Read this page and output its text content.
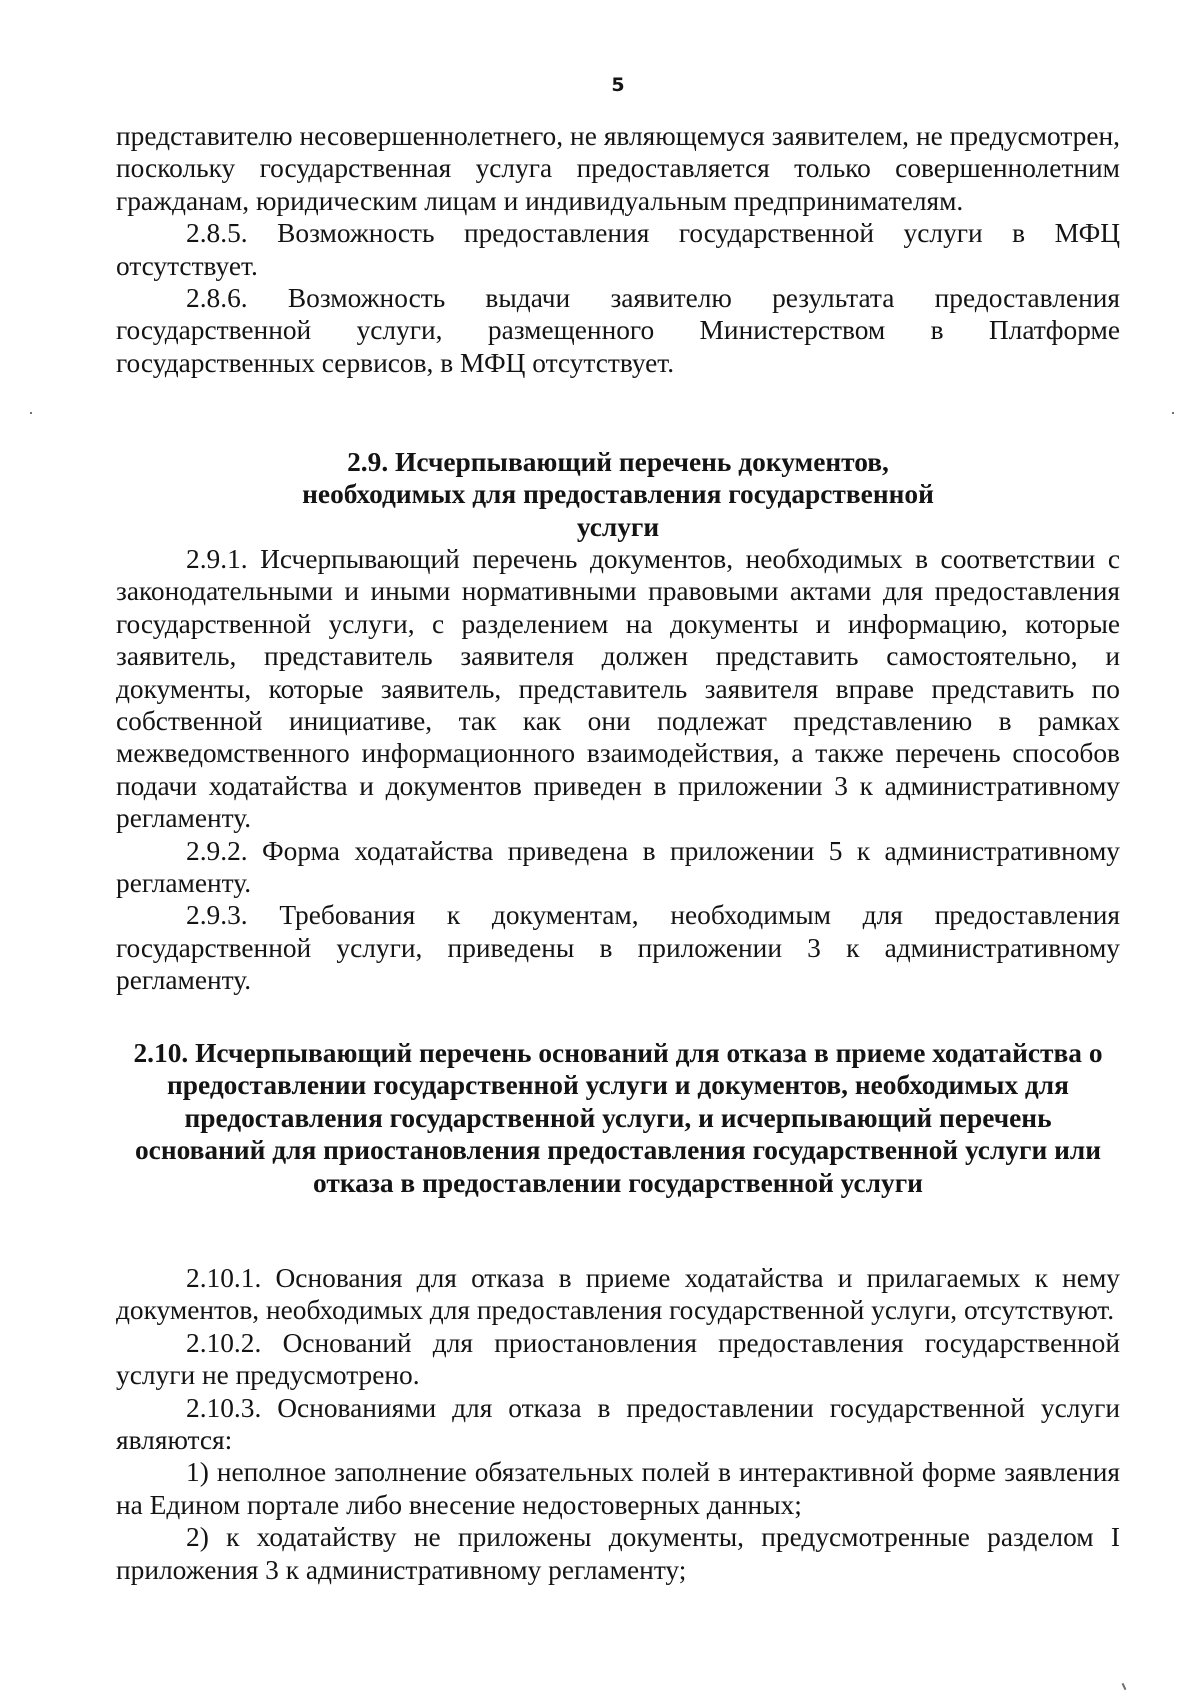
5

представителю несовершеннолетнего, не являющемуся заявителем, не предусмотрен, поскольку государственная услуга предоставляется только совершеннолетним гражданам, юридическим лицам и индивидуальным предпринимателям.

2.8.5. Возможность предоставления государственной услуги в МФЦ отсутствует.

2.8.6. Возможность выдачи заявителю результата предоставления государственной услуги, размещенного Министерством в Платформе государственных сервисов, в МФЦ отсутствует.

2.9. Исчерпывающий перечень документов, необходимых для предоставления государственной услуги

2.9.1. Исчерпывающий перечень документов, необходимых в соответствии с законодательными и иными нормативными правовыми актами для предоставления государственной услуги, с разделением на документы и информацию, которые заявитель, представитель заявителя должен представить самостоятельно, и документы, которые заявитель, представитель заявителя вправе представить по собственной инициативе, так как они подлежат представлению в рамках межведомственного информационного взаимодействия, а также перечень способов подачи ходатайства и документов приведен в приложении 3 к административному регламенту.

2.9.2. Форма ходатайства приведена в приложении 5 к административному регламенту.

2.9.3. Требования к документам, необходимым для предоставления государственной услуги, приведены в приложении 3 к административному регламенту.

2.10. Исчерпывающий перечень оснований для отказа в приеме ходатайства о предоставлении государственной услуги и документов, необходимых для предоставления государственной услуги, и исчерпывающий перечень оснований для приостановления предоставления государственной услуги или отказа в предоставлении государственной услуги

2.10.1. Основания для отказа в приеме ходатайства и прилагаемых к нему документов, необходимых для предоставления государственной услуги, отсутствуют.

2.10.2. Оснований для приостановления предоставления государственной услуги не предусмотрено.

2.10.3. Основаниями для отказа в предоставлении государственной услуги являются:

1) неполное заполнение обязательных полей в интерактивной форме заявления на Едином портале либо внесение недостоверных данных;

2) к ходатайству не приложены документы, предусмотренные разделом I приложения 3 к административному регламенту;
